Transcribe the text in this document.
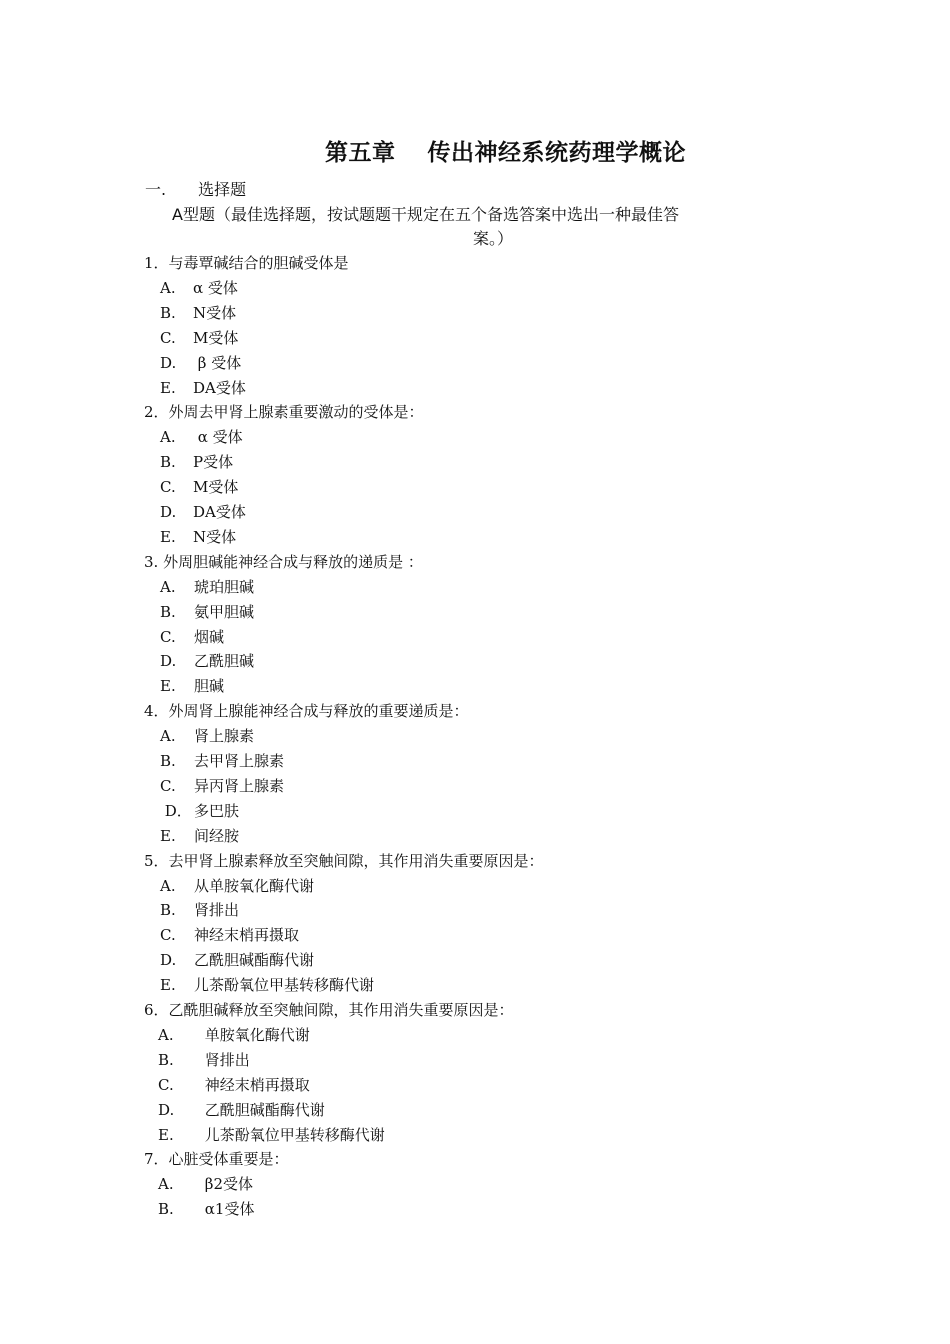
第五章　 传出神经系统药理学概论
一.　　选择题
A型题（最佳选择题，按试题题干规定在五个备选答案中选出一种最佳答
案。）
1．与毒覃碱结合的胆碱受体是
A. α 受体
B. N受体
C. M受体
D. β 受体
E. DA受体
2．外周去甲肾上腺素重要激动的受体是：
A. α 受体
B. P受体
C. M受体
D. DA受体
E. N受体
3. 外周胆碱能神经合成与释放的递质是 ：
A. 琥珀胆碱
B. 氨甲胆碱
C. 烟碱
D. 乙酰胆碱
E. 胆碱
4．外周肾上腺能神经合成与释放的重要递质是：
A. 肾上腺素
B. 去甲肾上腺素
C. 异丙肾上腺素
D． 多巴肤
E. 间经胺
5．去甲肾上腺素释放至突触间隙，其作用消失重要原因是：
A. 从单胺氧化酶代谢
B. 肾排出
C. 神经末梢再摄取
D. 乙酰胆碱酯酶代谢
E. 儿茶酚氧位甲基转移酶代谢
6．乙酰胆碱释放至突触间隙，其作用消失重要原因是：
A. 单胺氧化酶代谢
B. 肾排出
C. 神经末梢再摄取
D. 乙酰胆碱酯酶代谢
E. 儿茶酚氧位甲基转移酶代谢
7．心脏受体重要是：
A. β2受体
B. α1受体
